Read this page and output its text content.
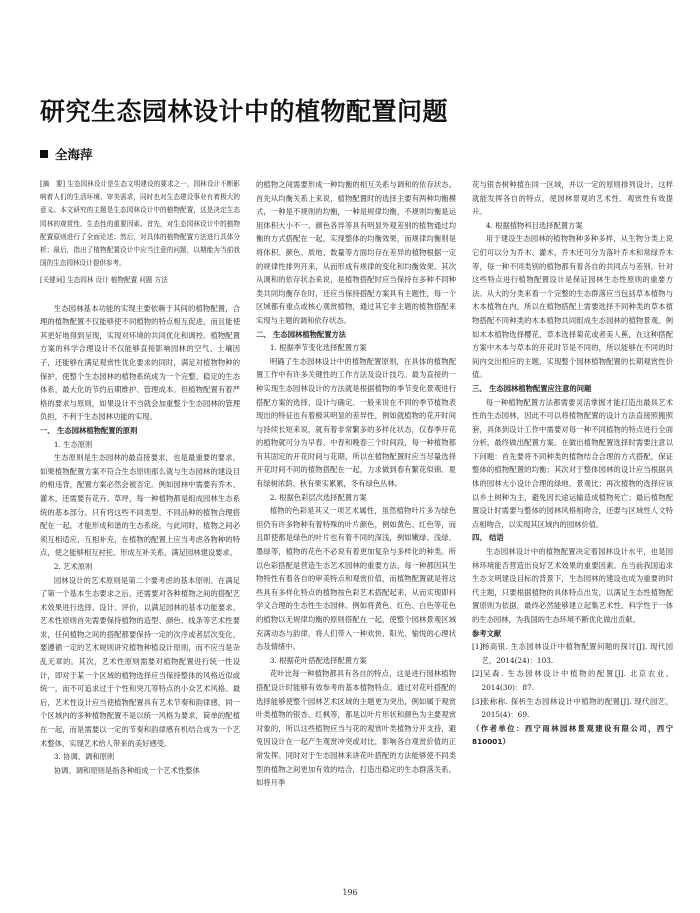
研究生态园林设计中的植物配置问题
全海萍

[摘　要] 生态园林设计是生态文明建设的要求之一，园林设计不断影响着人们的生活环境、审美需求，同时也对生态建设事业有着极大的意义。本文研究的主题是生态园林设计中的植物配置，这是决定生态园林的观赏性、生态性的重要因素。首先，对生态园林设计中的植物配置原则进行了全面论述；然后，对具体的植物配置方法进行具体分析；最后，指出了植物配置设计中应当注意的问题，以期能为当前我国的生态园林设计提供参考。

[关键词] 生态园林 设计 植物配置 问题 方法

生态园林基本功能的实现主要依赖于其间的植物配置，合理的植物配置不仅能够使不同植物的特点相互促进，而且能使其更好地得到呈现，实现对环境的共同优化和调控。植物配置方案的科学合理设计不仅能够直接影响园林的空气、土壤因子，还能够在满足观赏性优化要求的同时，满足对植物物种的保护，使整个生态园林的植物系统成为一个完整、稳定的生态体系，最大化的节约后期维护、管理成本。但植物配置有着严格的要求与原则，如果设计不当就会加重整个生态园林的管理负担，不利于生态园林功能的实现。

一、 生态园林植物配置的原则

1. 生态原则

生态原则是生态园林的最直接要求，也是最重要的要求，如果植物配置方案不符合生态原则那么就与生态园林的建设目的相违背，配置方案必然会被否定。例如园林中需要有乔木、灌木，还需要有花卉、草坪，每一种植物都是组成园林生态系统的基本部分。只有将这些不同类型、不同品种的植物合理搭配在一起，才能形成和谐的生态系统。与此同时，植物之间必须互相适应、互相补充，在植物的配置上应当考虑各物种的特点，使之能够相互衬托、形成互补关系，满足园林建设要求。

2. 艺术原则

园林设计的艺术原则是第二个要考虑的基本原则。在满足了第一个基本生态要求之后，还需要对各种植物之间的搭配艺术效果进行选择、设计、评价，以满足园林的基本功能要求。艺术性原则首先需要保持植物的造型、颜色、线条等艺术性要求，任何植物之间的搭配都要保持一定的次序或者层次变化，要遵循一定的艺术规则讲究植物种植设计原则，而不应当是杂乱无章的。其次，艺术性原则需要对植物配置进行统一性设计，即对于某一个区域的植物选择应当保持整体的风格近似或统一，而不可追求过于个性和突兀等特点的小众艺术风格。最后，艺术性设计应当使植物配置具有艺术节奏和韵律感，同一个区域内的多种植物配置不是以统一风格为要求，简单的配植在一起，而是需要以一定的节奏和韵律感有机结合成为一个艺术整体，实现艺术给人带来的美好感受。

3. 协调、调和原则

协调、调和原则是指各种组成一个艺术性整体

的植物之间需要形成一种均衡的相互关系与调和的依存状态。首先从均衡关系上来说，植物配置时的选择主要有两种均衡模式，一种是不规则的均衡，一种是规律均衡，不规则均衡是运用体积大小不一、颜色各异等具有明显外观差别的植物通过均衡的方式搭配在一起，实现整体的均衡效果，而规律均衡则是将体积、颜色、质地、数量等方面均存在差异的植物根据一定的规律性排列开来，从而形成有规律的变化和均衡效果。其次从调和的依存状态来说，是植物搭配时应当保持在多种不同种类共同均衡存在时，还应当保持搭配方案具有主题性，每一个区域都有重点或核心观赏植物，通过其它非主题的植物搭配来实现与主题的调和依存状态。

二、 生态园林植物配置方法

1. 根据季节变化选择配置方案

明确了生态园林设计中的植物配置原则，在具体的植物配置工作中有许多关键性的工作方法及设计技巧。最为直接的一种实现生态园林设计的方法就是根据植物的季节变化景观进行搭配方案的选择、设计与确定。一般来说在不同的季节植物表现出的特征也有着极其明显的差异性，例如就植物的花开时间与持续长短来说，就有着非常繁多的多样化状态，仅春季开花的植物就可分为早春、中春和晚春三个时间段，每一种植物都有其固定的开花时间与花期，所以在植物配置时应当尽量选择开花时间不同的植物搭配在一起，力求做到春有繁花似锦、夏有绿树浓荫、秋有果实累累，冬有绿色丛林。

2. 根据色彩层次选择配置方案

植物的色彩是其又一项艺术属性，虽然植物叶片多为绿色但仍有许多物种有着特殊的叶片颜色，例如黄色、红色等，而且即使都是绿色的叶片也有着不同的深浅，例如嫩绿、浅绿、墨绿等，植物的花色不必说有着更加复杂与多样化的种类。所以色彩搭配是营造生态艺术园林的重要方法，每一种都因其生物特性有着各自的审美特点和观赏价值，而植物配置就是将这些具有多样化特点的植物按色彩艺术搭配起来，从而实现即科学又合理的生态性生态园林。例如将黄色、红色、白色等花色的植物以无规律均衡的原则搭配在一起，使整个园林景观区域充满动态与韵律，将人们带入一种欢快、阳光、愉悦的心理状态及情绪中。

3. 根据花叶搭配选择配置方案

花叶比每一种植物都具有各自的特点，这是进行园林植物搭配设计时能够有效参考的基本植物特点。通过对花叶搭配的选择能够使整个园林艺术区域的主题更为突出，例如属于观赏叶类植物的银杏、红枫等，都是以叶片形状和颜色为主要观赏对象的，所以这些植物应当与花的观赏叶类植物分开支持，避免因设计在一起产生观赏冲突或对比，影响各自观赏价值的正常发挥。同时对于生态园林来讲花叶搭配的方法能够使不同类型的植物之间更加有效的结合，打造出稳定的生态群落关系，如将月季

花与银杏树种植在同一区域，并以一定的原则排列设计，这样就能发挥各自的特点，使园林景观的艺术性、观赏性有效提升。

4. 根据植物科目选择配置方案

用于建设生态园林的植物物种多种多样，从生物分类上说它们可以分为乔木、灌木，乔木还可分为落叶乔木和常绿乔木等，每一种不同类别的植物都有着各自的共同点与差别，针对这些特点进行植物配置设计是保证园林生态性原则的重要方法。从大的分类来看一个完整的生态群落应当包括草本植物与木本植物在内，所以在植物搭配上需要选择不同种类的草本植物搭配不同种类的木本植物共同组成生态园林的植物景观。例如木本植物选择樱花、草本选择菊花或者美人蕉，在这种搭配方案中木本与草本的开花时节是不同的，所以能够在不同的时间内交出相应的主题，实现整个园林植物配置的长期观赏性价值。

三、 生态园林植物配置应注意的问题

每一种植物配置方法都需要灵活掌握才能打造出最具艺术性的生态园林，因此不可以将植物配置的设计方法直接照搬照套，具体到设计工作中需要对每一种不同植物的特点进行全面分析，最终做出配置方案。在做出植物配置选择时需要注意以下问题：首先要将不同种类的植物结合合理的方式搭配，保证整体的植物配置的均衡；其次对于整体园林的设计应当根据具体的园林大小设计合理的绿地、景观比；再次植物的选择应该以乡土树种为主，避免因长途运输造成植物死亡；最后植物配置设计时需要与整体的园林风格相吻合，还要与区域性人文特点相吻合，以实现其区域内的园林价值。

四、 结语

生态园林设计中的植物配置决定着园林设计水平，也是园林环境能否营造出良好艺术效果的重要因素。在当前我国追求生态文明建设目标的背景下，生态园林的建设也成为重要的时代主题，只要根据植物的具体特点出发，以满足生态性植物配置原则为依据，最终必然能够建立起集艺术性、科学性于一体的生态园林，为我国的生态环境不断优化做出贡献。

参考文献

[1]杨高银. 生态园林设计中植物配置问题的探讨[J]. 现代园艺，2014(24)：103.

[2]吴森. 生态园林设计中植物的配置[J]. 北京农业，2014(30)：87.

[3]张称称. 探析生态园林设计中植物的配置[J]. 现代园艺，2015(4)：69.

（作者单位：西宁雨林园林景观建设有限公司，西宁 810001）

196
